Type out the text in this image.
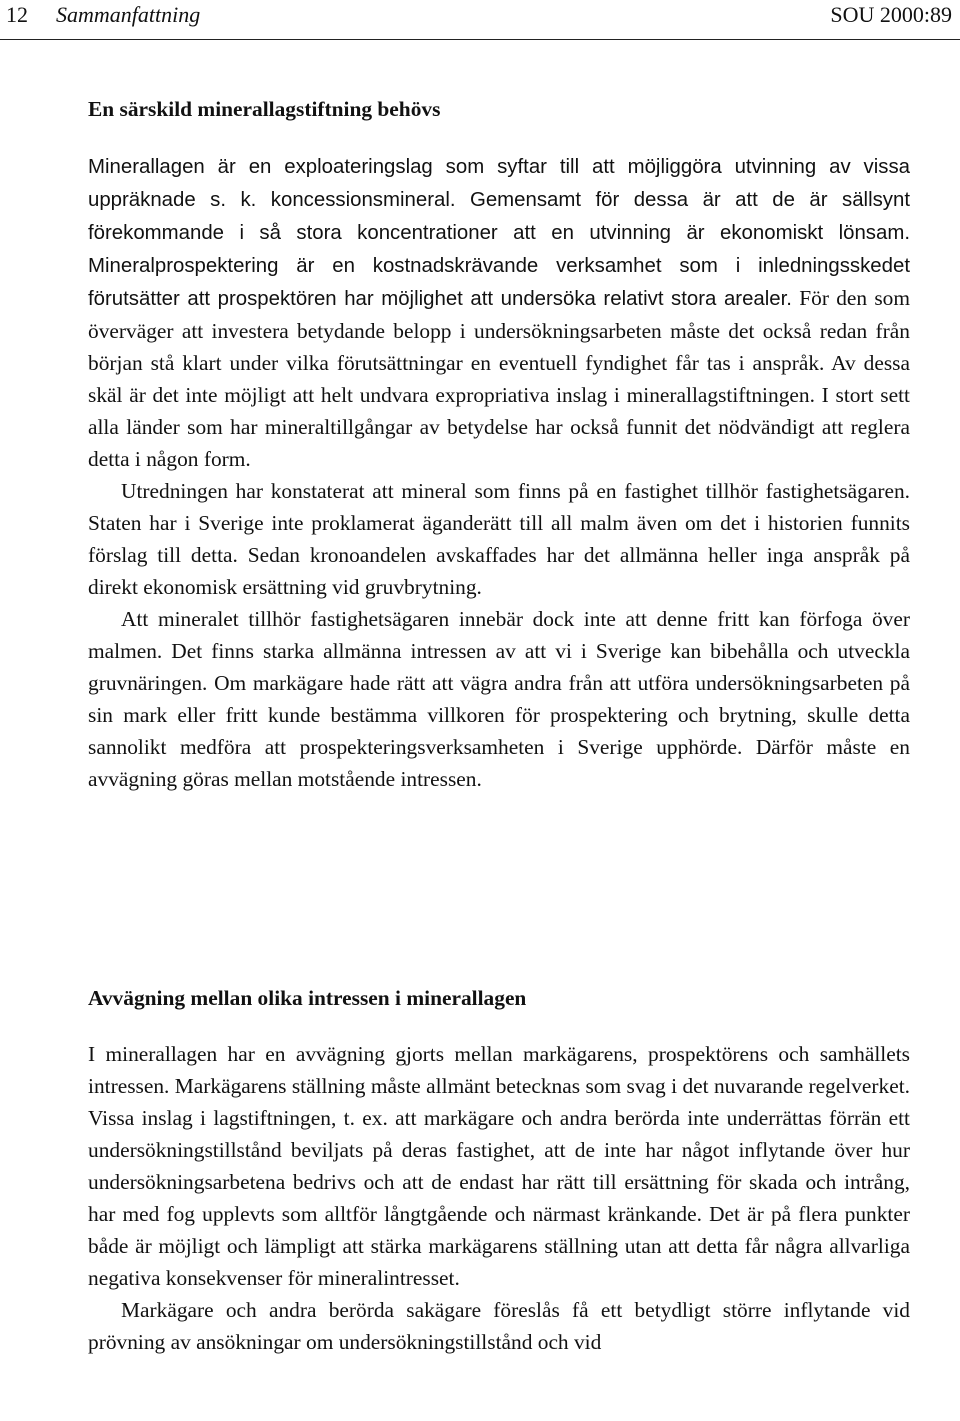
12 Sammanfattning	SOU 2000:89
En särskild minerallagstiftning behövs

Minerallagen är en exploateringslag som syftar till att möjliggöra utvinning av vissa uppräknade s. k. koncessionsmineral. Gemensamt för dessa är att de är sällsynt förekommande i så stora koncentrationer att en utvinning är ekonomiskt lönsam. Mineralprospektering är en kostnadskrävande verksamhet som i inledningsskedet förutsätter att prospektören har möjlighet att undersöka relativt stora arealer. För den som överväger att investera betydande belopp i undersökningsarbeten måste det också redan från början stå klart under vilka förutsättningar en eventuell fyndighet får tas i anspråk. Av dessa skäl är det inte möjligt att helt undvara expropriativa inslag i minerallagstiftningen. I stort sett alla länder som har mineraltillgångar av betydelse har också funnit det nödvändigt att reglera detta i någon form.

Utredningen har konstaterat att mineral som finns på en fastighet tillhör fastighetsägaren. Staten har i Sverige inte proklamerat äganderätt till all malm även om det i historien funnits förslag till detta. Sedan kronoandelen avskaffades har det allmänna heller inga anspråk på direkt ekonomisk ersättning vid gruvbrytning.

Att mineralet tillhör fastighetsägaren innebär dock inte att denne fritt kan förfoga över malmen. Det finns starka allmänna intressen av att vi i Sverige kan bibehålla och utveckla gruvnäringen. Om markägare hade rätt att vägra andra från att utföra undersökningsarbeten på sin mark eller fritt kunde bestämma villkoren för prospektering och brytning, skulle detta sannolikt medföra att prospekteringsverksamheten i Sverige upphörde. Därför måste en avvägning göras mellan motstående intressen.

Avvägning mellan olika intressen i minerallagen

I minerallagen har en avvägning gjorts mellan markägarens, prospektörens och samhällets intressen. Markägarens ställning måste allmänt betecknas som svag i det nuvarande regelverket. Vissa inslag i lagstiftningen, t. ex. att markägare och andra berörda inte underrättas förrän ett undersökningstillstånd beviljats på deras fastighet, att de inte har något inflytande över hur undersökningsarbetena bedrivs och att de endast har rätt till ersättning för skada och intrång, har med fog upplevts som alltför långtgående och närmast kränkande. Det är på flera punkter både är möjligt och lämpligt att stärka markägarens ställning utan att detta får några allvarliga negativa konsekvenser för mineralintresset.

Markägare och andra berörda sakägare föreslås få ett betydligt större inflytande vid prövning av ansökningar om undersökningstillstånd och vid
